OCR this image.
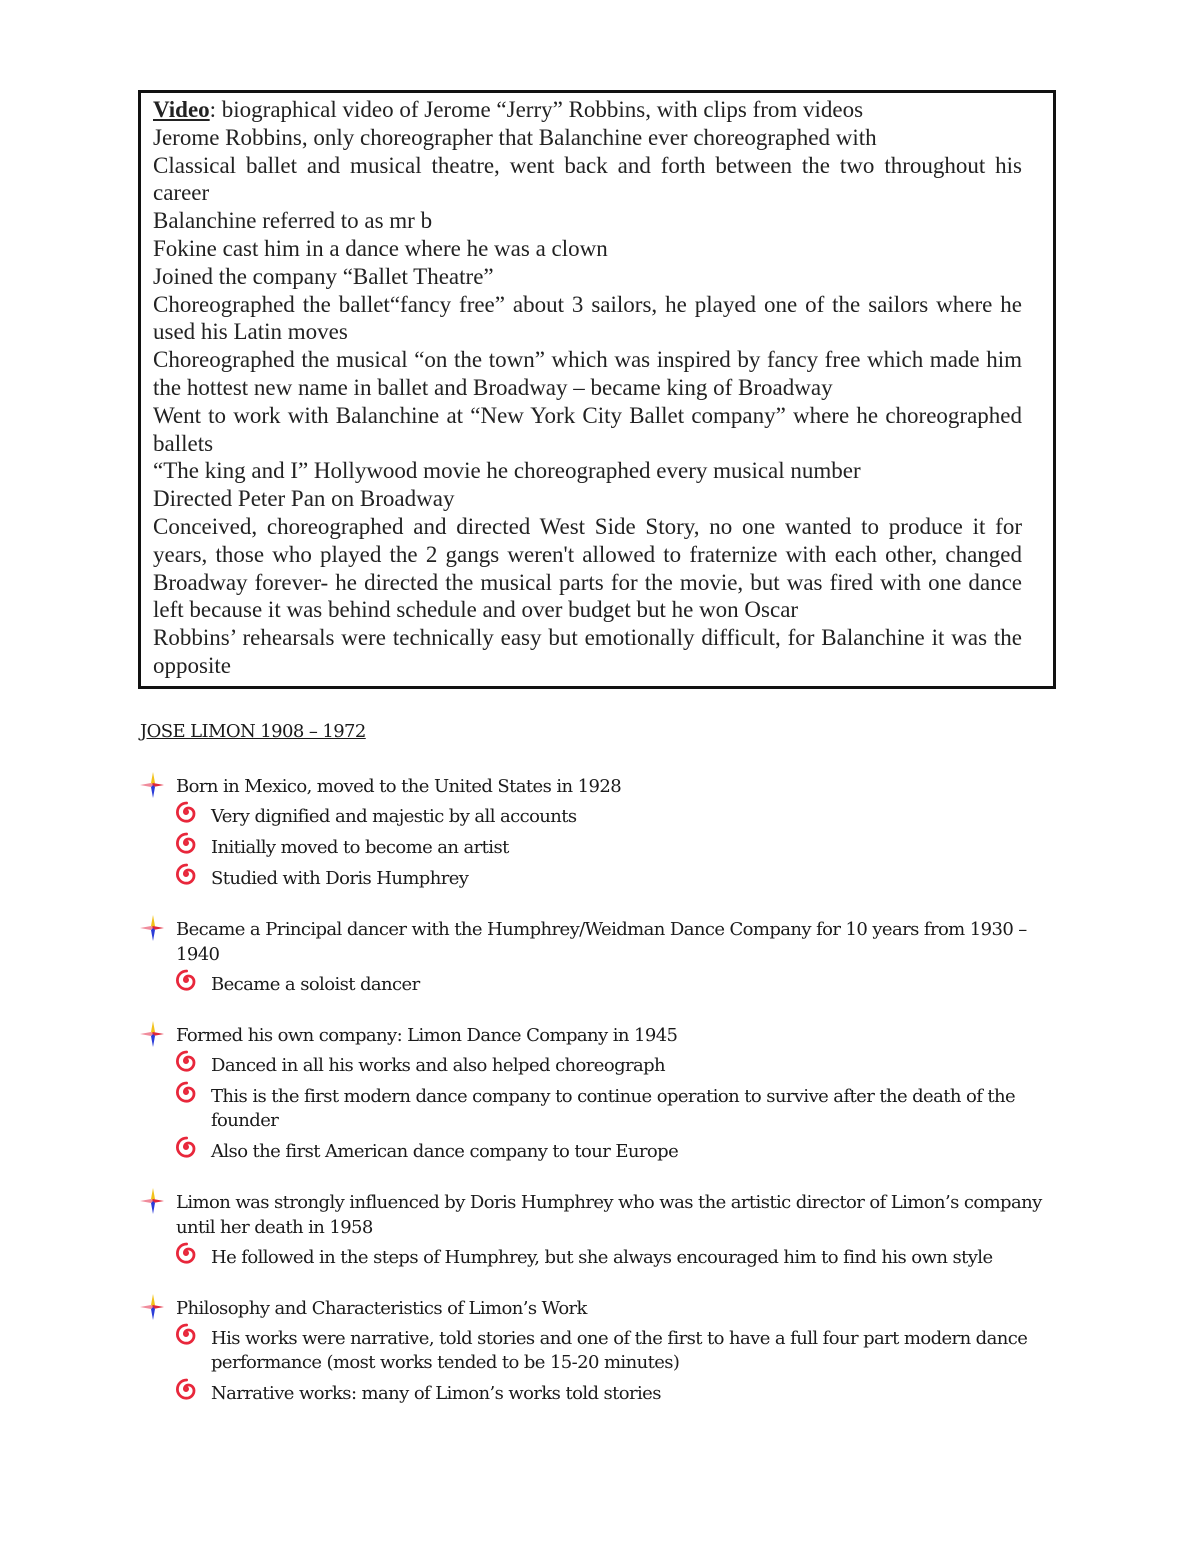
Video: biographical video of Jerome “Jerry” Robbins, with clips from videos

Jerome Robbins, only choreographer that Balanchine ever choreographed with

Classical ballet and musical theatre, went back and forth between the two throughout his career

Balanchine referred to as mr b

Fokine cast him in a dance where he was a clown

Joined the company “Ballet Theatre”

Choreographed the ballet“fancy free” about 3 sailors, he played one of the sailors where he used his Latin moves

Choreographed the musical “on the town” which was inspired by fancy free which made him the hottest new name in ballet and Broadway – became king of Broadway

Went to work with Balanchine at “New York City Ballet company” where he choreographed ballets

“The king and I” Hollywood movie he choreographed every musical number

Directed Peter Pan on Broadway

Conceived, choreographed and directed West Side Story, no one wanted to produce it for years, those who played the 2 gangs weren't allowed to fraternize with each other, changed Broadway forever- he directed the musical parts for the movie, but was fired with one dance left because it was behind schedule and over budget but he won Oscar

Robbins’ rehearsals were technically easy but emotionally difficult, for Balanchine it was the opposite

JOSE LIMON 1908 – 1972
Born in Mexico, moved to the United States in 1928
Very dignified and majestic by all accounts
Initially moved to become an artist
Studied with Doris Humphrey
Became a Principal dancer with the Humphrey/Weidman Dance Company for 10 years from 1930 – 1940
Became a soloist dancer
Formed his own company: Limon Dance Company in 1945
Danced in all his works and also helped choreograph
This is the first modern dance company to continue operation to survive after the death of the founder
Also the first American dance company to tour Europe
Limon was strongly influenced by Doris Humphrey who was the artistic director of Limon’s company until her death in 1958
He followed in the steps of Humphrey, but she always encouraged him to find his own style
Philosophy and Characteristics of Limon’s Work
His works were narrative, told stories and one of the first to have a full four part modern dance performance (most works tended to be 15-20 minutes)
Narrative works: many of Limon’s works told stories
